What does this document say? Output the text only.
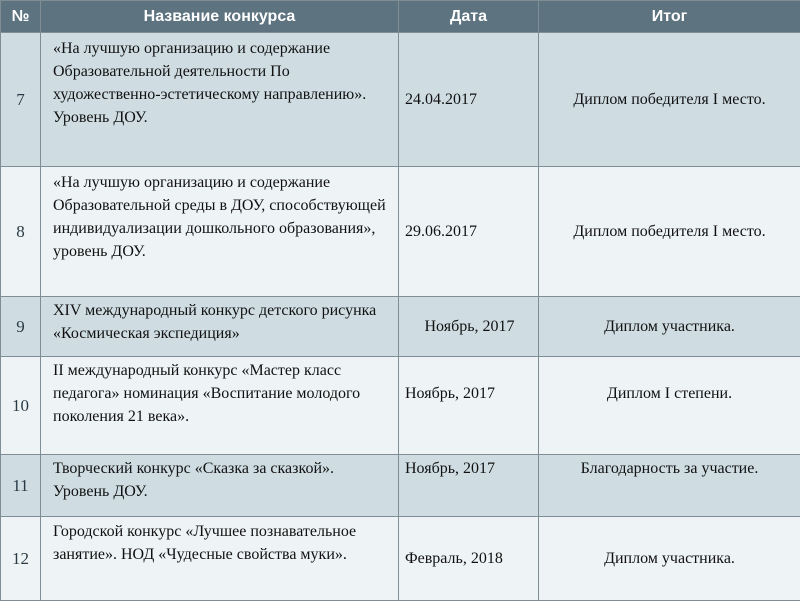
№	Название конкурса	Дата	Итог
7	«На лучшую организацию и содержание Образовательной деятельности По художественно-эстетическому направлению». Уровень ДОУ.	24.04.2017	Диплом победителя I место.
8	«На лучшую организацию и содержание Образовательной среды в ДОУ, способствующей индивидуализации дошкольного образования», уровень ДОУ.	29.06.2017	Диплом победителя I место.
9	XIV международный конкурс детского рисунка «Космическая экспедиция»	Ноябрь, 2017	Диплом участника.
10	II международный конкурс «Мастер класс педагога» номинация «Воспитание молодого поколения 21 века».	Ноябрь, 2017	Диплом I степени.
11	Творческий конкурс «Сказка за сказкой». Уровень ДОУ.	Ноябрь, 2017	Благодарность за участие.
12	Городской конкурс «Лучшее познавательное занятие». НОД «Чудесные свойства муки».	Февраль, 2018	Диплом участника.
